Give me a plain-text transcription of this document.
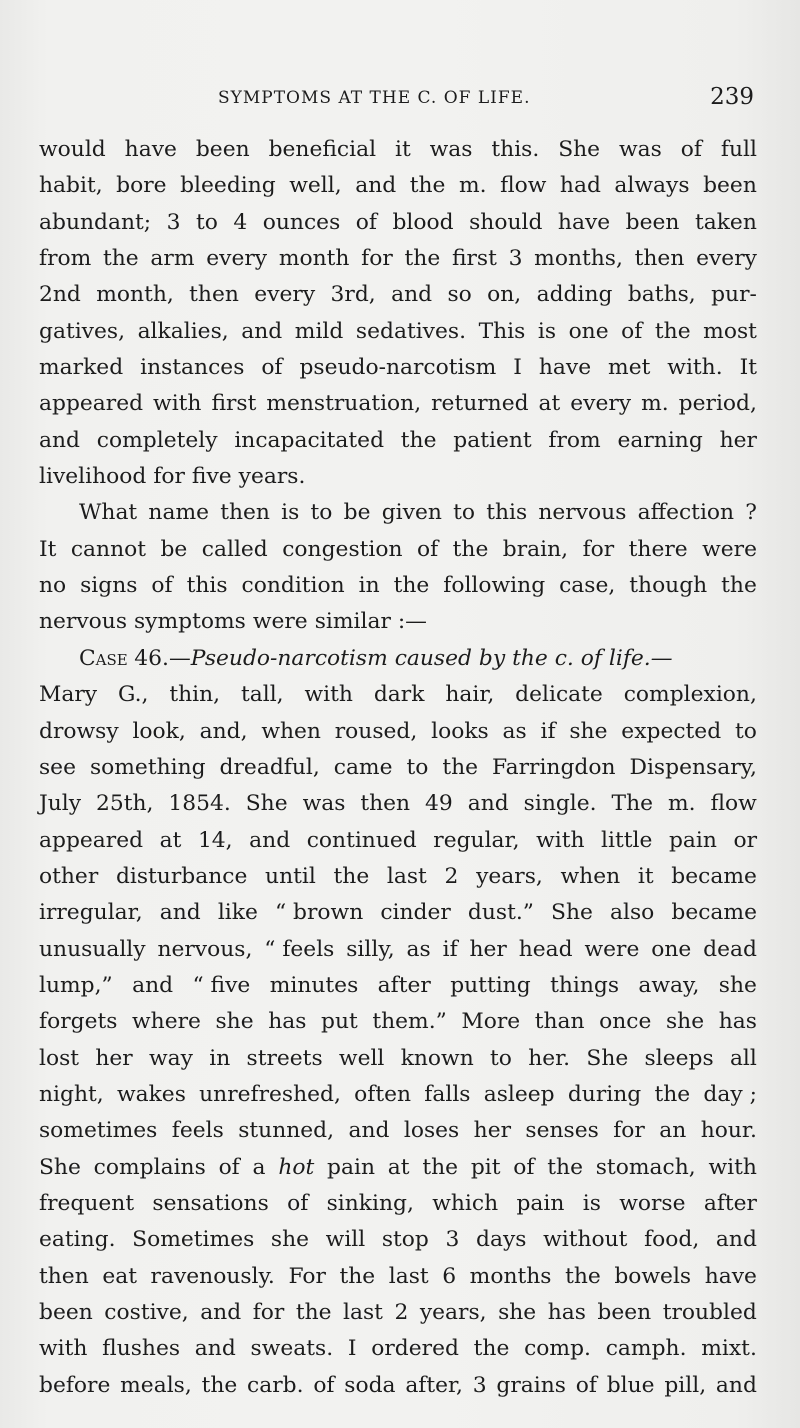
SYMPTOMS AT THE C. OF LIFE.	239
would have been beneficial it was this. She was of full
habit, bore bleeding well, and the m. flow had always been
abundant; 3 to 4 ounces of blood should have been taken
from the arm every month for the first 3 months, then every
2nd month, then every 3rd, and so on, adding baths, pur-
gatives, alkalies, and mild sedatives. This is one of the most
marked instances of pseudo-narcotism I have met with. It
appeared with first menstruation, returned at every m. period,
and completely incapacitated the patient from earning her
livelihood for five years.
What name then is to be given to this nervous affection ?
It cannot be called congestion of the brain, for there were
no signs of this condition in the following case, though the
nervous symptoms were similar :—
Case 46.— Pseudo-narcotism caused by the c. of life.—
Mary G., thin, tall, with dark hair, delicate complexion,
drowsy look, and, when roused, looks as if she expected to
see something dreadful, came to the Farringdon Dispensary,
July 25th, 1854. She was then 49 and single. The m. flow
appeared at 14, and continued regular, with little pain or
other disturbance until the last 2 years, when it became
irregular, and like “ brown cinder dust.” She also became
unusually nervous, “ feels silly, as if her head were one dead
lump,” and “ five minutes after putting things away, she
forgets where she has put them.” More than once she has
lost her way in streets well known to her. She sleeps all
night, wakes unrefreshed, often falls asleep during the day ;
sometimes feels stunned, and loses her senses for an hour.
She complains of a hot pain at the pit of the stomach, with
frequent sensations of sinking, which pain is worse after
eating. Sometimes she will stop 3 days without food, and
then eat ravenously. For the last 6 months the bowels have
been costive, and for the last 2 years, she has been troubled
with flushes and sweats. I ordered the comp. camph. mixt.
before meals, the carb. of soda after, 3 grains of blue pill, and
